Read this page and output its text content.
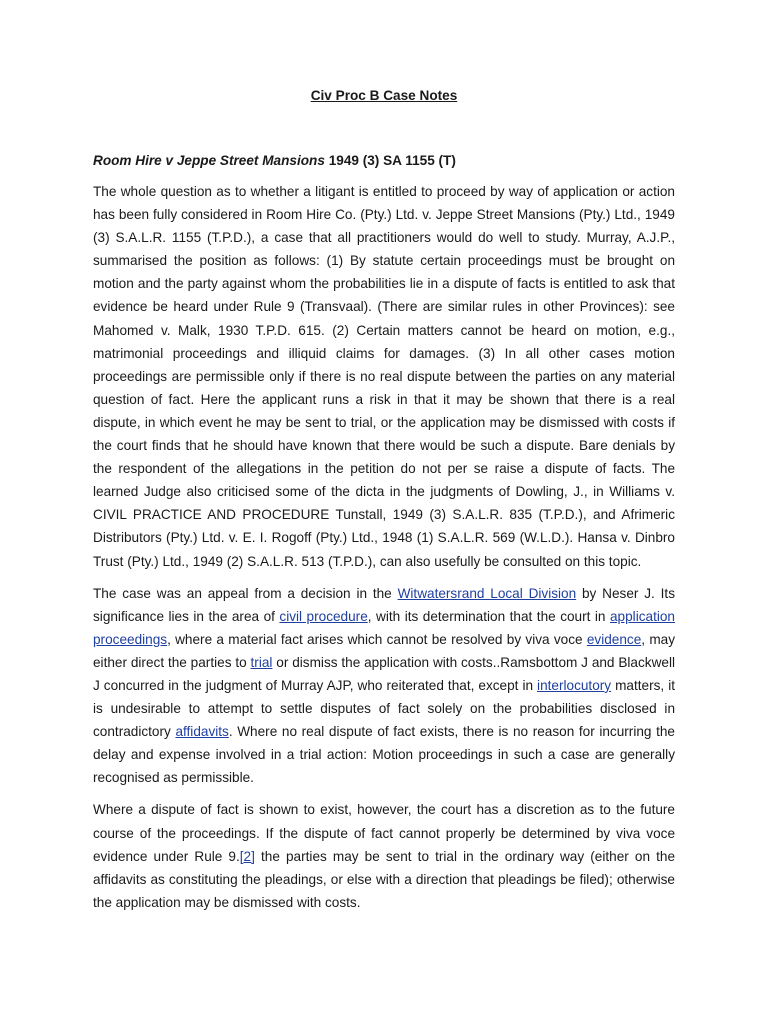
Civ Proc B Case Notes
Room Hire v Jeppe Street Mansions 1949 (3) SA 1155 (T)

The whole question as to whether a litigant is entitled to proceed by way of application or action has been fully considered in Room Hire Co. (Pty.) Ltd. v. Jeppe Street Mansions (Pty.) Ltd., 1949 (3) S.A.L.R. 1155 (T.P.D.), a case that all practitioners would do well to study. Murray, A.J.P., summarised the position as follows: (1) By statute certain proceedings must be brought on motion and the party against whom the probabilities lie in a dispute of facts is entitled to ask that evidence be heard under Rule 9 (Transvaal). (There are similar rules in other Provinces): see Mahomed v. Malk, 1930 T.P.D. 615. (2) Certain matters cannot be heard on motion, e.g., matrimonial proceedings and illiquid claims for damages. (3) In all other cases motion proceedings are permissible only if there is no real dispute between the parties on any material question of fact. Here the applicant runs a risk in that it may be shown that there is a real dispute, in which event he may be sent to trial, or the application may be dismissed with costs if the court finds that he should have known that there would be such a dispute. Bare denials by the respondent of the allegations in the petition do not per se raise a dispute of facts. The learned Judge also criticised some of the dicta in the judgments of Dowling, J., in Williams v. CIVIL PRACTICE AND PROCEDURE Tunstall, 1949 (3) S.A.L.R. 835 (T.P.D.), and Afrimeric Distributors (Pty.) Ltd. v. E. I. Rogoff (Pty.) Ltd., 1948 (1) S.A.L.R. 569 (W.L.D.). Hansa v. Dinbro Trust (Pty.) Ltd., 1949 (2) S.A.L.R. 513 (T.P.D.), can also usefully be consulted on this topic.

The case was an appeal from a decision in the Witwatersrand Local Division by Neser J. Its significance lies in the area of civil procedure, with its determination that the court in application proceedings, where a material fact arises which cannot be resolved by viva voce evidence, may either direct the parties to trial or dismiss the application with costs..Ramsbottom J and Blackwell J concurred in the judgment of Murray AJP, who reiterated that, except in interlocutory matters, it is undesirable to attempt to settle disputes of fact solely on the probabilities disclosed in contradictory affidavits. Where no real dispute of fact exists, there is no reason for incurring the delay and expense involved in a trial action: Motion proceedings in such a case are generally recognised as permissible.

Where a dispute of fact is shown to exist, however, the court has a discretion as to the future course of the proceedings. If the dispute of fact cannot properly be determined by viva voce evidence under Rule 9.[2] the parties may be sent to trial in the ordinary way (either on the affidavits as constituting the pleadings, or else with a direction that pleadings be filed); otherwise the application may be dismissed with costs.
